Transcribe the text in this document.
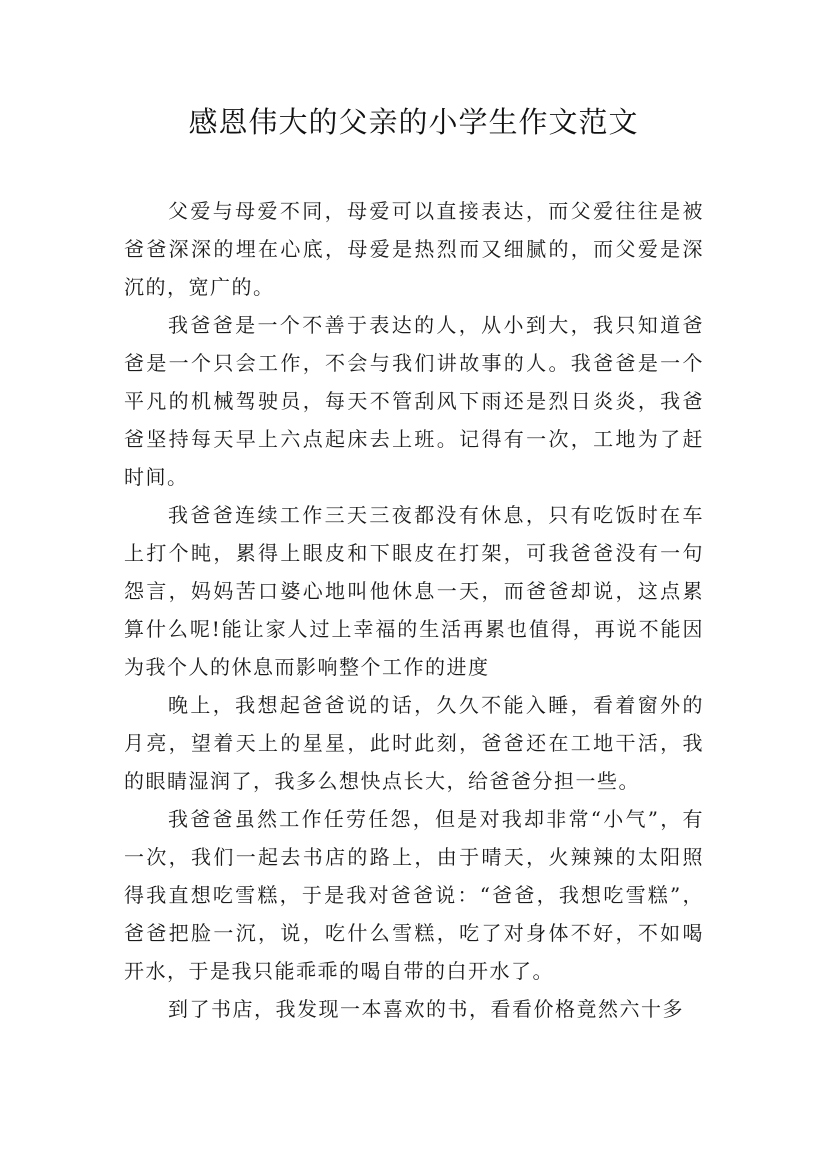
感恩伟大的父亲的小学生作文范文

父爱与母爱不同，母爱可以直接表达，而父爱往往是被爸爸深深的埋在心底，母爱是热烈而又细腻的，而父爱是深沉的，宽广的。

我爸爸是一个不善于表达的人，从小到大，我只知道爸爸是一个只会工作，不会与我们讲故事的人。我爸爸是一个平凡的机械驾驶员，每天不管刮风下雨还是烈日炎炎，我爸爸坚持每天早上六点起床去上班。记得有一次，工地为了赶时间。

我爸爸连续工作三天三夜都没有休息，只有吃饭时在车上打个盹，累得上眼皮和下眼皮在打架，可我爸爸没有一句怨言，妈妈苦口婆心地叫他休息一天，而爸爸却说，这点累算什么呢!能让家人过上幸福的生活再累也值得，再说不能因为我个人的休息而影响整个工作的进度

晚上，我想起爸爸说的话，久久不能入睡，看着窗外的月亮，望着天上的星星，此时此刻，爸爸还在工地干活，我的眼睛湿润了，我多么想快点长大，给爸爸分担一些。

我爸爸虽然工作任劳任怨，但是对我却非常“小气”，有一次，我们一起去书店的路上，由于晴天，火辣辣的太阳照得我直想吃雪糕，于是我对爸爸说：“爸爸，我想吃雪糕”，爸爸把脸一沉，说，吃什么雪糕，吃了对身体不好，不如喝开水，于是我只能乖乖的喝自带的白开水了。

到了书店，我发现一本喜欢的书，看看价格竟然六十多
